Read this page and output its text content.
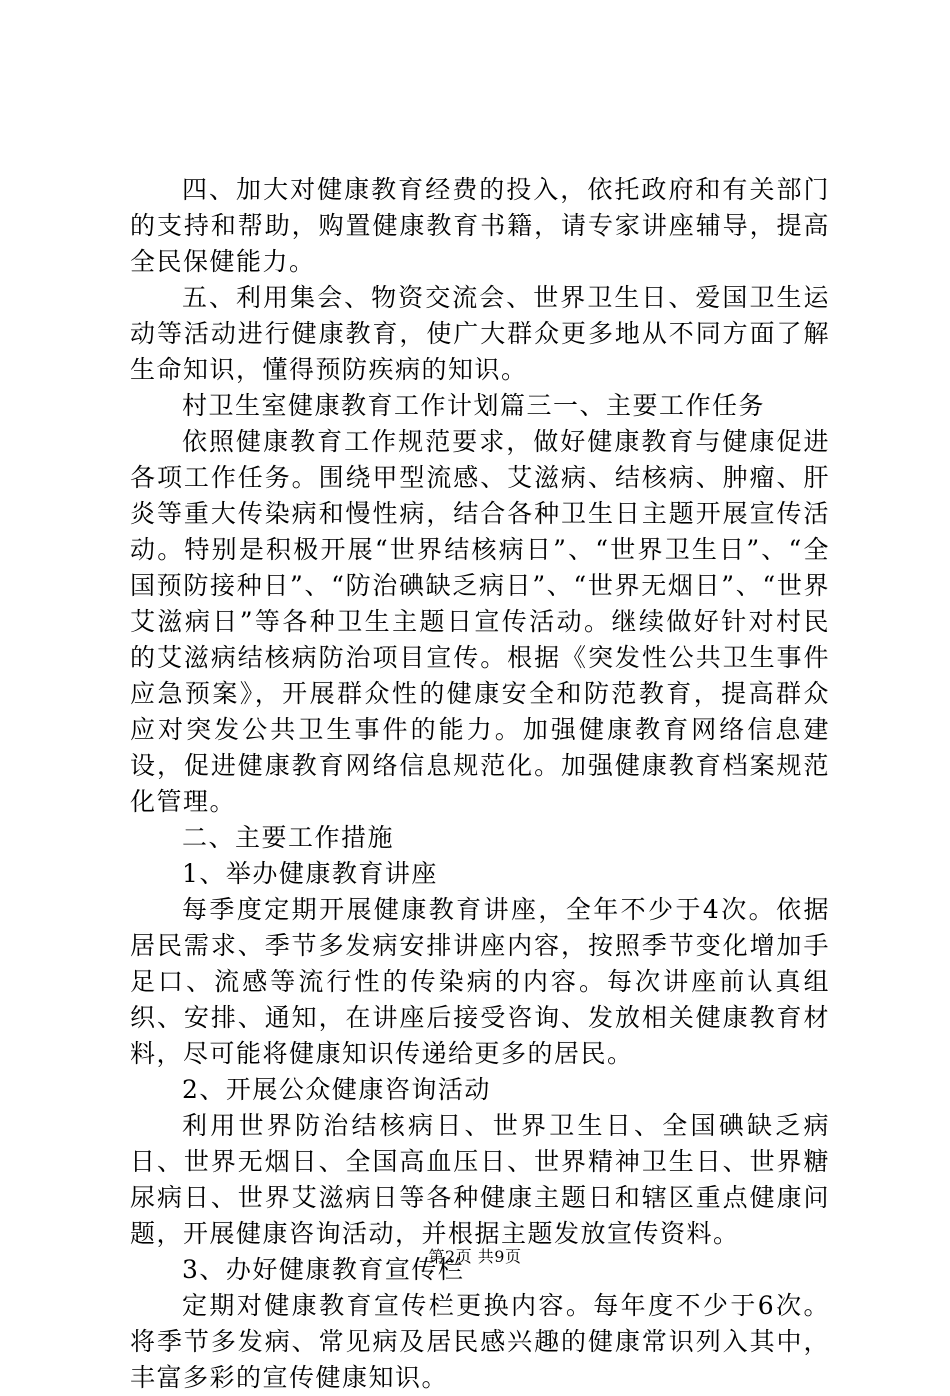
四、加大对健康教育经费的投入，依托政府和有关部门的支持和帮助，购置健康教育书籍，请专家讲座辅导，提高全民保健能力。

五、利用集会、物资交流会、世界卫生日、爱国卫生运动等活动进行健康教育，使广大群众更多地从不同方面了解生命知识，懂得预防疾病的知识。

村卫生室健康教育工作计划篇三一、主要工作任务

依照健康教育工作规范要求，做好健康教育与健康促进各项工作任务。围绕甲型流感、艾滋病、结核病、肿瘤、肝炎等重大传染病和慢性病，结合各种卫生日主题开展宣传活动。特别是积极开展“世界结核病日”、“世界卫生日”、“全国预防接种日”、“防治碘缺乏病日”、“世界无烟日”、“世界艾滋病日”等各种卫生主题日宣传活动。继续做好针对村民的艾滋病结核病防治项目宣传。根据《突发性公共卫生事件应急预案》，开展群众性的健康安全和防范教育，提高群众应对突发公共卫生事件的能力。加强健康教育网络信息建设，促进健康教育网络信息规范化。加强健康教育档案规范化管理。

二、主要工作措施

1、举办健康教育讲座

每季度定期开展健康教育讲座，全年不少于4次。依据居民需求、季节多发病安排讲座内容，按照季节变化增加手足口、流感等流行性的传染病的内容。每次讲座前认真组织、安排、通知，在讲座后接受咨询、发放相关健康教育材料，尽可能将健康知识传递给更多的居民。

2、开展公众健康咨询活动

利用世界防治结核病日、世界卫生日、全国碘缺乏病日、世界无烟日、全国高血压日、世界精神卫生日、世界糖尿病日、世界艾滋病日等各种健康主题日和辖区重点健康问题，开展健康咨询活动，并根据主题发放宣传资料。

3、办好健康教育宣传栏

定期对健康教育宣传栏更换内容。每年度不少于6次。将季节多发病、常见病及居民感兴趣的健康常识列入其中，丰富多彩的宣传健康知识。

第2页 共9页
